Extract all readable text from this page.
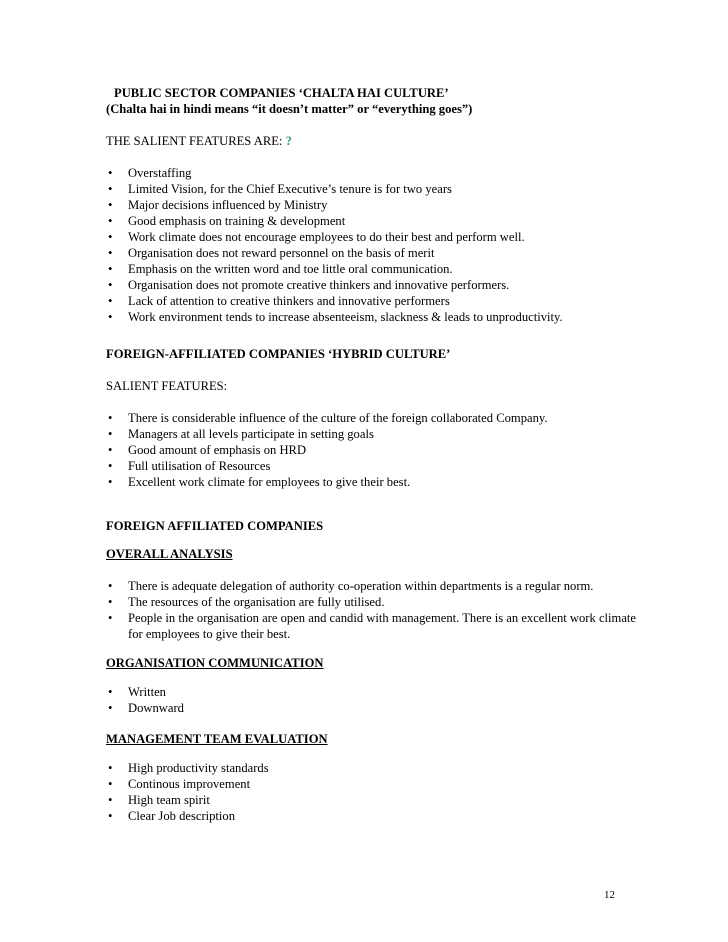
PUBLIC SECTOR COMPANIES ‘CHALTA HAI CULTURE’
(Chalta hai in hindi means “it doesn’t matter” or “everything goes”)
THE SALIENT FEATURES ARE: ?
• Overstaffing
• Limited Vision, for the Chief Executive’s tenure is for two years
• Major decisions influenced by Ministry
• Good emphasis on training & development
• Work climate does not encourage employees to do their best and perform well.
• Organisation does not reward personnel on the basis of merit
• Emphasis on the written word and toe little oral communication.
• Organisation does not promote creative thinkers and innovative performers.
• Lack of attention to creative thinkers and innovative performers
• Work environment tends to increase absenteeism, slackness & leads to unproductivity.
FOREIGN-AFFILIATED COMPANIES ‘HYBRID CULTURE’
SALIENT FEATURES:
• There is considerable influence of the culture of the foreign collaborated Company.
• Managers at all levels participate in setting goals
• Good amount of emphasis on HRD
• Full utilisation of Resources
• Excellent work climate for employees to give their best.
FOREIGN AFFILIATED COMPANIES
OVERALL ANALYSIS
• There is adequate delegation of authority co-operation within departments is a regular norm.
• The resources of the organisation are fully utilised.
• People in the organisation are open and candid with management. There is an excellent work climate for employees to give their best.
ORGANISATION COMMUNICATION
• Written
• Downward
MANAGEMENT TEAM EVALUATION
• High productivity standards
• Continous improvement
• High team spirit
• Clear Job description
12
